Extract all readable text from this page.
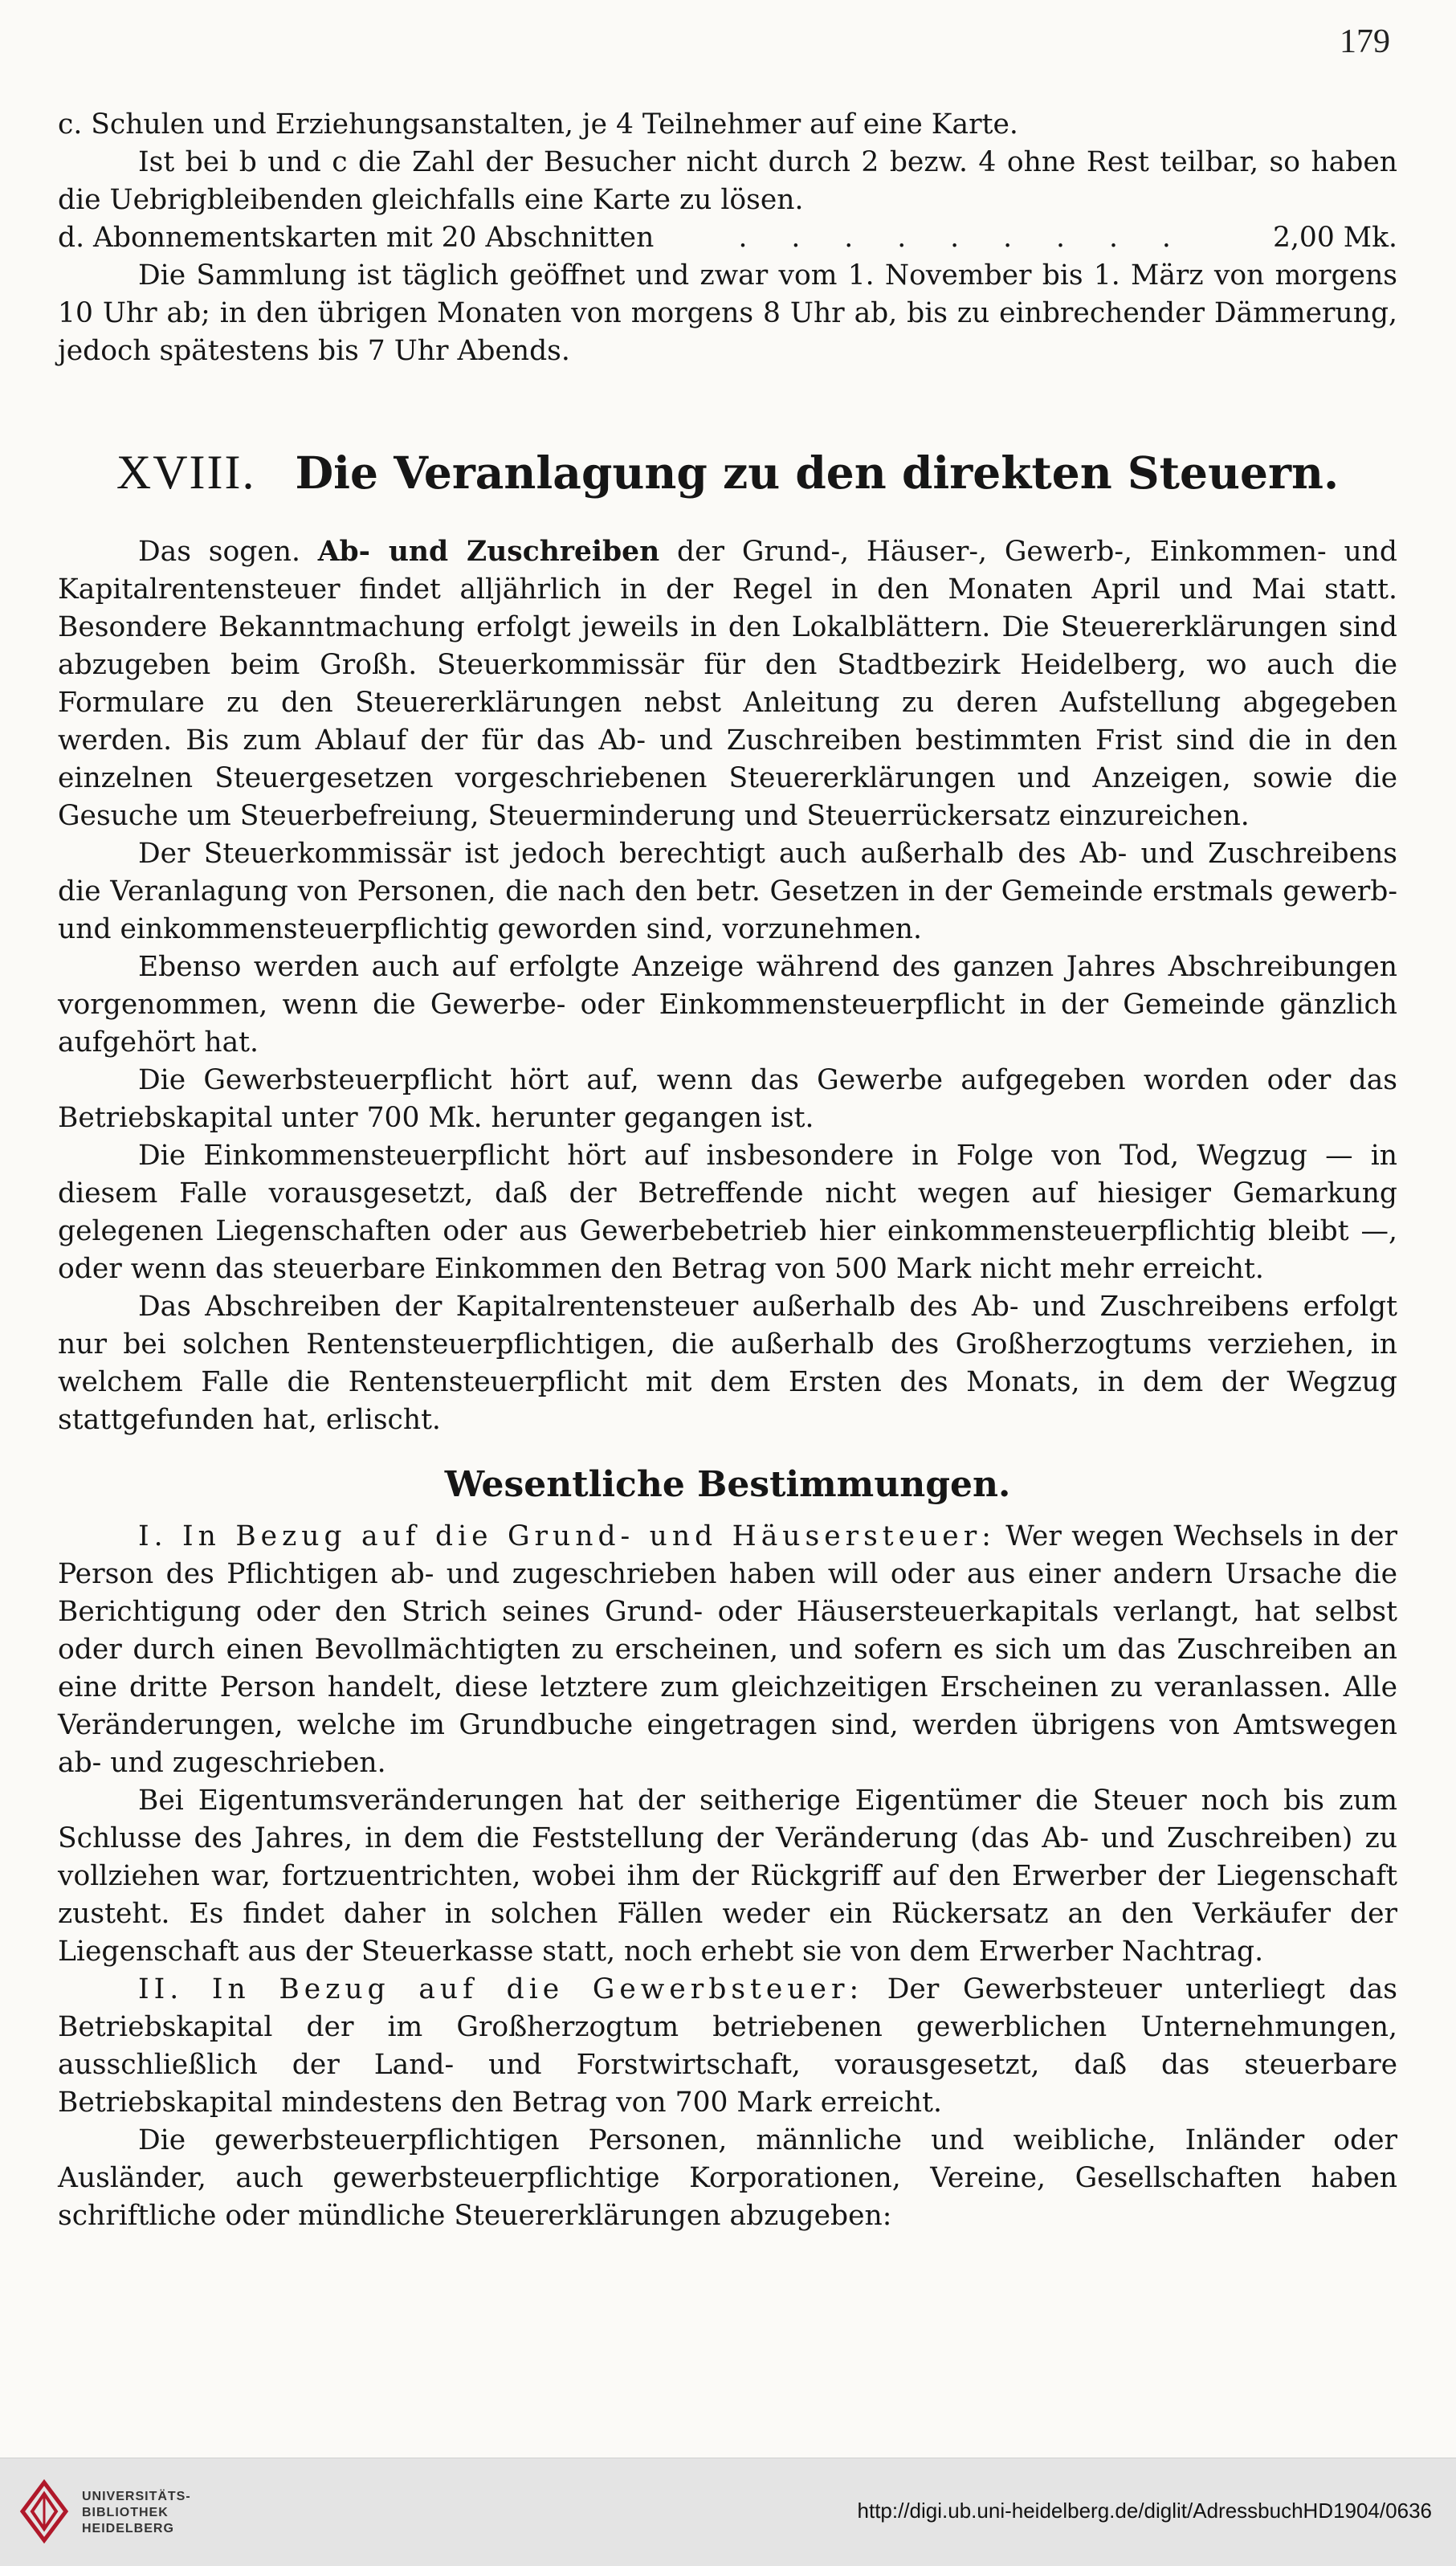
179

c. Schulen und Erziehungsanstalten, je 4 Teilnehmer auf eine Karte.

Ist bei b und c die Zahl der Besucher nicht durch 2 bezw. 4 ohne Rest teilbar, so haben die Uebrigbleibenden gleichfalls eine Karte zu lösen.

d. Abonnementskarten mit 20 Abschnitten	. . . . . . . . .	2,00 Mk.

Die Sammlung ist täglich geöffnet und zwar vom 1. November bis 1. März von morgens 10 Uhr ab; in den übrigen Monaten von morgens 8 Uhr ab, bis zu einbrechender Dämmerung, jedoch spätestens bis 7 Uhr Abends.

XVIII. Die Veranlagung zu den direkten Steuern.

Das sogen. Ab- und Zuschreiben der Grund-, Häuser-, Gewerb-, Einkommen- und Kapitalrentensteuer findet alljährlich in der Regel in den Monaten April und Mai statt. Besondere Bekanntmachung erfolgt jeweils in den Lokalblättern. Die Steuererklärungen sind abzugeben beim Großh. Steuerkommissär für den Stadtbezirk Heidelberg, wo auch die Formulare zu den Steuererklärungen nebst Anleitung zu deren Aufstellung abgegeben werden. Bis zum Ablauf der für das Ab- und Zuschreiben bestimmten Frist sind die in den einzelnen Steuergesetzen vorgeschriebenen Steuererklärungen und Anzeigen, sowie die Gesuche um Steuerbefreiung, Steuerminderung und Steuerrückersatz einzureichen.

Der Steuerkommissär ist jedoch berechtigt auch außerhalb des Ab- und Zuschreibens die Veranlagung von Personen, die nach den betr. Gesetzen in der Gemeinde erstmals gewerb- und einkommensteuerpflichtig geworden sind, vorzunehmen.

Ebenso werden auch auf erfolgte Anzeige während des ganzen Jahres Abschreibungen vorgenommen, wenn die Gewerbe- oder Einkommensteuerpflicht in der Gemeinde gänzlich aufgehört hat.

Die Gewerbsteuerpflicht hört auf, wenn das Gewerbe aufgegeben worden oder das Betriebskapital unter 700 Mk. herunter gegangen ist.

Die Einkommensteuerpflicht hört auf insbesondere in Folge von Tod, Wegzug — in diesem Falle vorausgesetzt, daß der Betreffende nicht wegen auf hiesiger Gemarkung gelegenen Liegenschaften oder aus Gewerbebetrieb hier einkommensteuerpflichtig bleibt —, oder wenn das steuerbare Einkommen den Betrag von 500 Mark nicht mehr erreicht.

Das Abschreiben der Kapitalrentensteuer außerhalb des Ab- und Zuschreibens erfolgt nur bei solchen Rentensteuerpflichtigen, die außerhalb des Großherzogtums verziehen, in welchem Falle die Rentensteuerpflicht mit dem Ersten des Monats, in dem der Wegzug stattgefunden hat, erlischt.

Wesentliche Bestimmungen.

I. In Bezug auf die Grund- und Häusersteuer: Wer wegen Wechsels in der Person des Pflichtigen ab- und zugeschrieben haben will oder aus einer andern Ursache die Berichtigung oder den Strich seines Grund- oder Häusersteuerkapitals verlangt, hat selbst oder durch einen Bevollmächtigten zu erscheinen, und sofern es sich um das Zuschreiben an eine dritte Person handelt, diese letztere zum gleichzeitigen Erscheinen zu veranlassen. Alle Veränderungen, welche im Grundbuche eingetragen sind, werden übrigens von Amtswegen ab- und zugeschrieben.

Bei Eigentumsveränderungen hat der seitherige Eigentümer die Steuer noch bis zum Schlusse des Jahres, in dem die Feststellung der Veränderung (das Ab- und Zuschreiben) zu vollziehen war, fortzuentrichten, wobei ihm der Rückgriff auf den Erwerber der Liegenschaft zusteht. Es findet daher in solchen Fällen weder ein Rückersatz an den Verkäufer der Liegenschaft aus der Steuerkasse statt, noch erhebt sie von dem Erwerber Nachtrag.

II. In Bezug auf die Gewerbsteuer: Der Gewerbsteuer unterliegt das Betriebskapital der im Großherzogtum betriebenen gewerblichen Unternehmungen, ausschließlich der Land- und Forstwirtschaft, vorausgesetzt, daß das steuerbare Betriebskapital mindestens den Betrag von 700 Mark erreicht.

Die gewerbsteuerpflichtigen Personen, männliche und weibliche, Inländer oder Ausländer, auch gewerbsteuerpflichtige Korporationen, Vereine, Gesellschaften haben schriftliche oder mündliche Steuererklärungen abzugeben:

UNIVERSITÄTS-
BIBLIOTHEK
HEIDELBERG
http://digi.ub.uni-heidelberg.de/diglit/AdressbuchHD1904/0636
